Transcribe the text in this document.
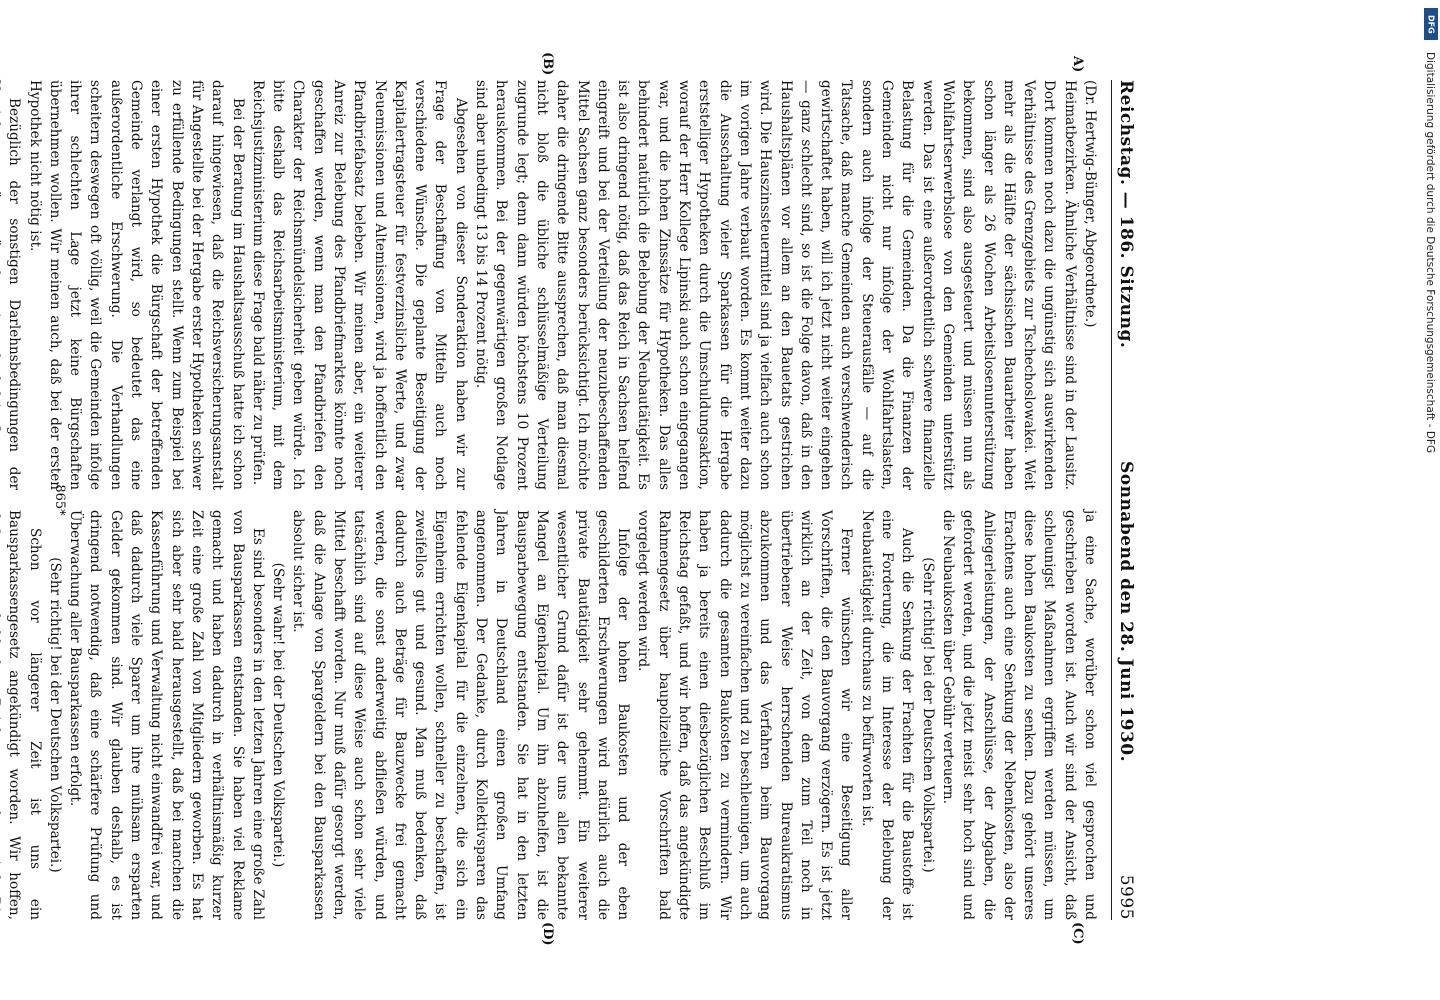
Reichstag. — 186. Sitzung.
Sonnabend den 28. Juni 1930.
5995

(Dr. Hertwig-Bünger, Abgeordnete.)

Heimatbezirken. Ähnliche Verhältnisse sind in der Lausitz. Dort kommen noch dazu die ungünstig sich auswirkenden Verhältnisse des Grenzgebiets zur Tschechoslowakei. Weit mehr als die Hälfte der sächsischen Bauarbeiter haben schon länger als 26 Wochen Arbeitslosenunterstützung bekommen, sind also ausgesteuert und müssen nun als Wohlfahrtserwerbslose von den Gemeinden unterstützt werden. Das ist eine außerordentlich schwere finanzielle Belastung für die Gemeinden. Da die Finanzen der Gemeinden nicht nur infolge der Wohlfahrtslasten, sondern auch infolge der Steuerausfälle — auf die Tatsache, daß manche Gemeinden auch verschwenderisch gewirtschaftet haben, will ich jetzt nicht weiter eingehen — ganz schlecht sind, so ist die Folge davon, daß in den Haushaltsplänen vor allem an den Bauetats gestrichen wird. Die Hauszinssteuermittel sind ja vielfach auch schon im vorigen Jahre verbaut worden. Es kommt weiter dazu die Ausschaltung vieler Sparkassen für die Hergabe erststelliger Hypotheken durch die Umschuldungsaktion, worauf der Herr Kollege Lipinski auch schon eingegangen war, und die hohen Zinssätze für Hypotheken. Das alles behindert natürlich die Belebung der Neubautätigkeit. Es ist also dringend nötig, daß das Reich in Sachsen helfend eingreift und bei der Verteilung der neuzubeschaffenden Mittel Sachsen ganz besonders berücksichtigt. Ich möchte daher die dringende Bitte aussprechen, daß man diesmal nicht bloß die übliche schlüsselmäßige Verteilung zugrunde legt; denn dann würden höchstens 10 Prozent herauskommen. Bei der gegenwärtigen großen Notlage sind aber unbedingt 13 bis 14 Prozent nötig.

Abgesehen von dieser Sonderaktion haben wir zur Frage der Beschaffung von Mitteln auch noch verschiedene Wünsche. Die geplante Beseitigung der Kapitalertragsteuer für festverzinsliche Werte, und zwar Neuemissionen und Altemissionen, wird ja hoffentlich den Pfandbriefabsatz beleben. Wir meinen aber, ein weiterer Anreiz zur Belebung des Pfandbriefmarktes könnte noch geschaffen werden, wenn man den Pfandbriefen den Charakter der Reichsmündelsicherheit geben würde. Ich bitte deshalb das Reichsarbeitsministerium, mit dem Reichsjustizministerium diese Frage bald näher zu prüfen.

Bei der Beratung im Haushaltsausschuß hatte ich schon darauf hingewiesen, daß die Reichsversicherungsanstalt für Angestellte bei der Hergabe erster Hypotheken schwer zu erfüllende Bedingungen stellt. Wenn zum Beispiel bei einer ersten Hypothek die Bürgschaft der betreffenden Gemeinde verlangt wird, so bedeutet das eine außerordentliche Erschwerung. Die Verhandlungen scheitern deswegen oft völlig, weil die Gemeinden infolge ihrer schlechten Lage jetzt keine Bürgschaften übernehmen wollen. Wir meinen auch, daß bei der ersten Hypothek nicht nötig ist.

Bezüglich der sonstigen Darlehnsbedingungen der

ja eine Sache, worüber schon viel gesprochen und geschrieben worden ist. Auch wir sind der Ansicht, daß schleunigst Maßnahmen ergriffen werden müssen, um diese hohen Baukosten zu senken. Dazu gehört unseres Erachtens auch eine Senkung der Nebenkosten, also der Anliegerleistungen, der Anschlüsse, der Abgaben, die gefordert werden, und die jetzt meist sehr hoch sind und die Neubaukosten über Gebühr verteuern.

(Sehr richtig! bei der Deutschen Volkspartei.)

Auch die Senkung der Frachten für die Baustoffe ist eine Forderung, die im Interesse der Belebung der Neubautätigkeit durchaus zu befürworten ist.

Ferner wünschen wir eine Beseitigung aller Vorschriften, die den Bauvorgang verzögern. Es ist jetzt wirklich an der Zeit, von dem zum Teil noch in übertriebener Weise herrschenden Bureaukratismus abzukommen und das Verfahren beim Bauvorgang möglichst zu vereinfachen und zu beschleunigen, um auch dadurch die gesamten Baukosten zu vermindern. Wir haben ja bereits einen diesbezüglichen Beschluß im Reichstag gefaßt, und wir hoffen, daß das angekündigte Rahmengesetz über baupolizeiliche Vorschriften bald vorgelegt werden wird.

Infolge der hohen Baukosten und der eben geschilderten Erschwerungen wird natürlich auch die private Bautätigkeit sehr gehemmt. Ein weiterer wesentlicher Grund dafür ist der uns allen bekannte Mangel an Eigenkapital. Um ihn abzuhelfen, ist die Bausparbewegung entstanden. Sie hat in den letzten Jahren in Deutschland einen großen Umfang angenommen. Der Gedanke, durch Kollektivsparen das fehlende Eigenkapital für die einzelnen, die sich ein Eigenheim errichten wollen, schneller zu beschaffen, ist zweifellos gut und gesund. Man muß bedenken, daß dadurch auch Beträge für Bauzwecke frei gemacht werden, die sonst anderweitig abfließen würden, und tatsächlich sind auf diese Weise auch schon sehr viele Mittel beschafft worden. Nur muß dafür gesorgt werden, daß die Anlage von Spargeldern bei den Bausparkassen absolut sicher ist.

(Sehr wahr! bei der Deutschen Volkspartei.)

Es sind besonders in den letzten Jahren eine große Zahl von Bausparkassen entstanden. Sie haben viel Reklame gemacht und haben dadurch in verhältnismäßig kurzer Zeit eine große Zahl von Mitgliedern geworben. Es hat sich aber sehr bald herausgestellt, daß bei manchen die Kassenführung und Verwaltung nicht einwandfrei war, und daß dadurch viele Sparer um ihre mühsam ersparten Gelder gekommen sind. Wir glauben deshalb, es ist dringend notwendig, daß eine schärfere Prüfung und Überwachung aller Bausparkassen erfolgt.

(Sehr richtig! bei der Deutschen Volkspartei.)

Schon vor längerer Zeit ist uns ein Bausparkassengesetz angekündigt worden. Wir hoffen,

A)
(B)
(C)
(D)
865*
DFG
Digitalisierung gefördert durch die Deutsche Forschungsgemeinschaft - DFG
